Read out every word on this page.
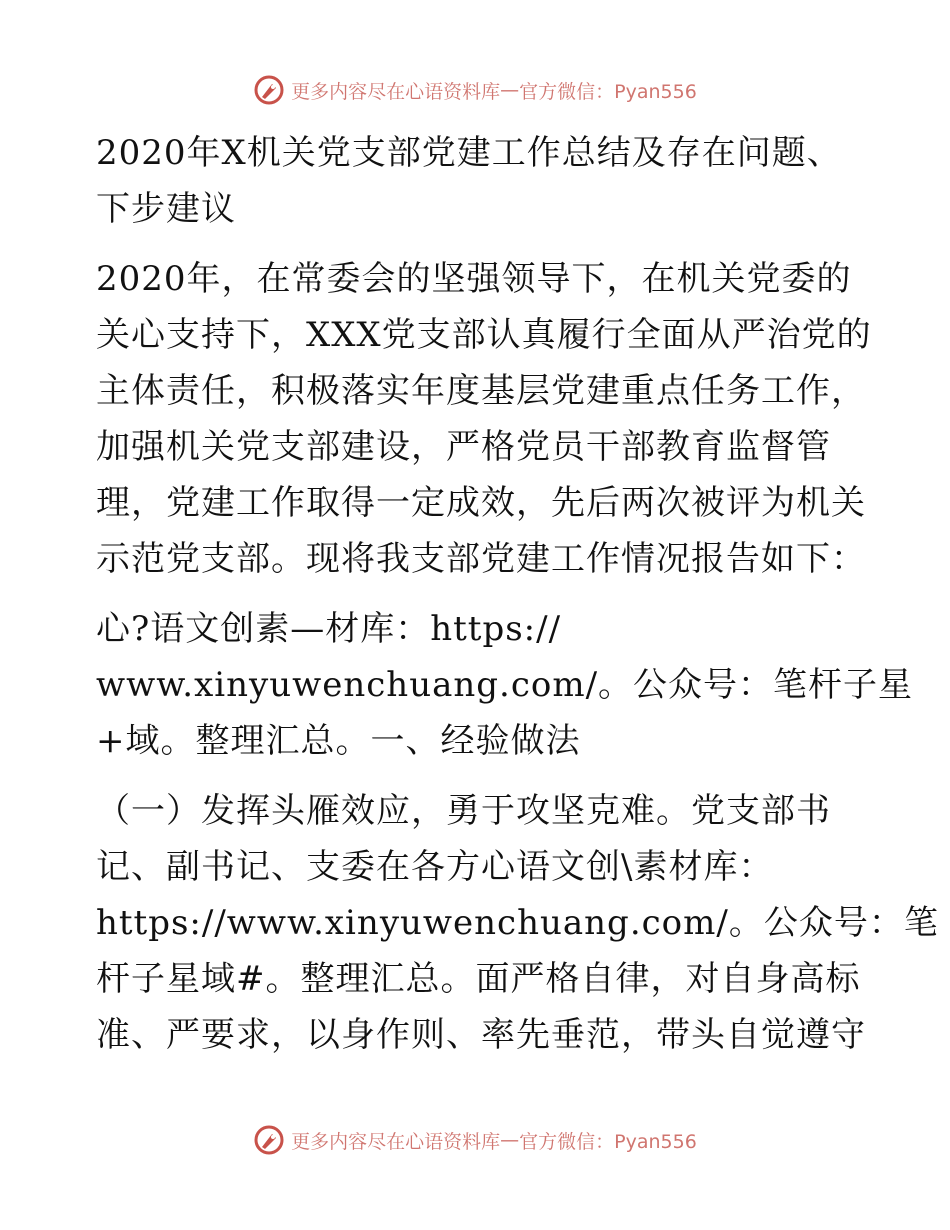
更多内容尽在心语资料库 — 官方微信：Pyan556
2020年X机关党支部党建工作总结及存在问题、
下步建议
2020年，在常委会的坚强领导下，在机关党委的
关心支持下，XXX党支部认真履行全面从严治党的
主体责任，积极落实年度基层党建重点任务工作，
加强机关党支部建设，严格党员干部教育监督管
理，党建工作取得一定成效，先后两次被评为机关
示范党支部。现将我支部党建工作情况报告如下：
心?语文创素—材库：https://
www.xinyuwenchuang.com/。公众号：笔杆子星
+域。整理汇总。一、经验做法
（一）发挥头雁效应，勇于攻坚克难。党支部书
记、副书记、支委在各方心语文创\素材库：
https://www.xinyuwenchuang.com/。公众号：笔
杆子星域#。整理汇总。面严格自律，对自身高标
准、严要求，以身作则、率先垂范，带头自觉遵守
更多内容尽在心语资料库 — 官方微信：Pyan556
